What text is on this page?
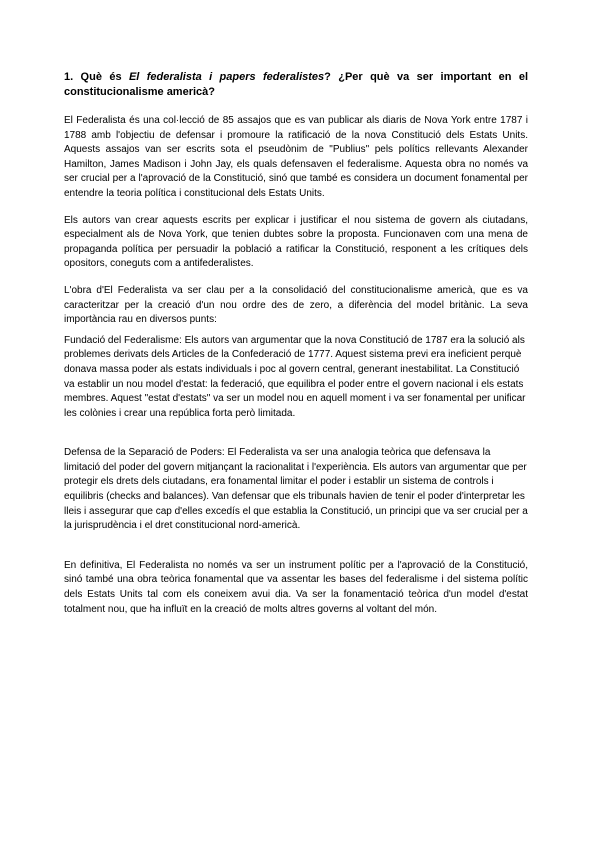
1. Què és El federalista i papers federalistes? ¿Per què va ser important en el constitucionalisme americà?

El Federalista és una col·lecció de 85 assajos que es van publicar als diaris de Nova York entre 1787 i 1788 amb l'objectiu de defensar i promoure la ratificació de la nova Constitució dels Estats Units. Aquests assajos van ser escrits sota el pseudònim de "Publius" pels polítics rellevants Alexander Hamilton, James Madison i John Jay, els quals defensaven el federalisme. Aquesta obra no només va ser crucial per a l'aprovació de la Constitució, sinó que també es considera un document fonamental per entendre la teoria política i constitucional dels Estats Units.

Els autors van crear aquests escrits per explicar i justificar el nou sistema de govern als ciutadans, especialment als de Nova York, que tenien dubtes sobre la proposta. Funcionaven com una mena de propaganda política per persuadir la població a ratificar la Constitució, responent a les crítiques dels opositors, coneguts com a antifederalistes.

L'obra d'El Federalista va ser clau per a la consolidació del constitucionalisme americà, que es va caracteritzar per la creació d'un nou ordre des de zero, a diferència del model britànic. La seva importància rau en diversos punts:

Fundació del Federalisme: Els autors van argumentar que la nova Constitució de 1787 era la solució als problemes derivats dels Articles de la Confederació de 1777. Aquest sistema previ era ineficient perquè donava massa poder als estats individuals i poc al govern central, generant inestabilitat. La Constitució va establir un nou model d'estat: la federació, que equilibra el poder entre el govern nacional i els estats membres. Aquest "estat d'estats" va ser un model nou en aquell moment i va ser fonamental per unificar les colònies i crear una república forta però limitada.

Defensa de la Separació de Poders: El Federalista va ser una analogia teòrica que defensava la limitació del poder del govern mitjançant la racionalitat i l'experiència. Els autors van argumentar que per protegir els drets dels ciutadans, era fonamental limitar el poder i establir un sistema de controls i equilibris (checks and balances). Van defensar que els tribunals havien de tenir el poder d'interpretar les lleis i assegurar que cap d'elles excedís el que establia la Constitució, un principi que va ser crucial per a la jurisprudència i el dret constitucional nord-americà.

En definitiva, El Federalista no només va ser un instrument polític per a l'aprovació de la Constitució, sinó també una obra teòrica fonamental que va assentar les bases del federalisme i del sistema polític dels Estats Units tal com els coneixem avui dia. Va ser la fonamentació teòrica d'un model d'estat totalment nou, que ha influït en la creació de molts altres governs al voltant del món.
